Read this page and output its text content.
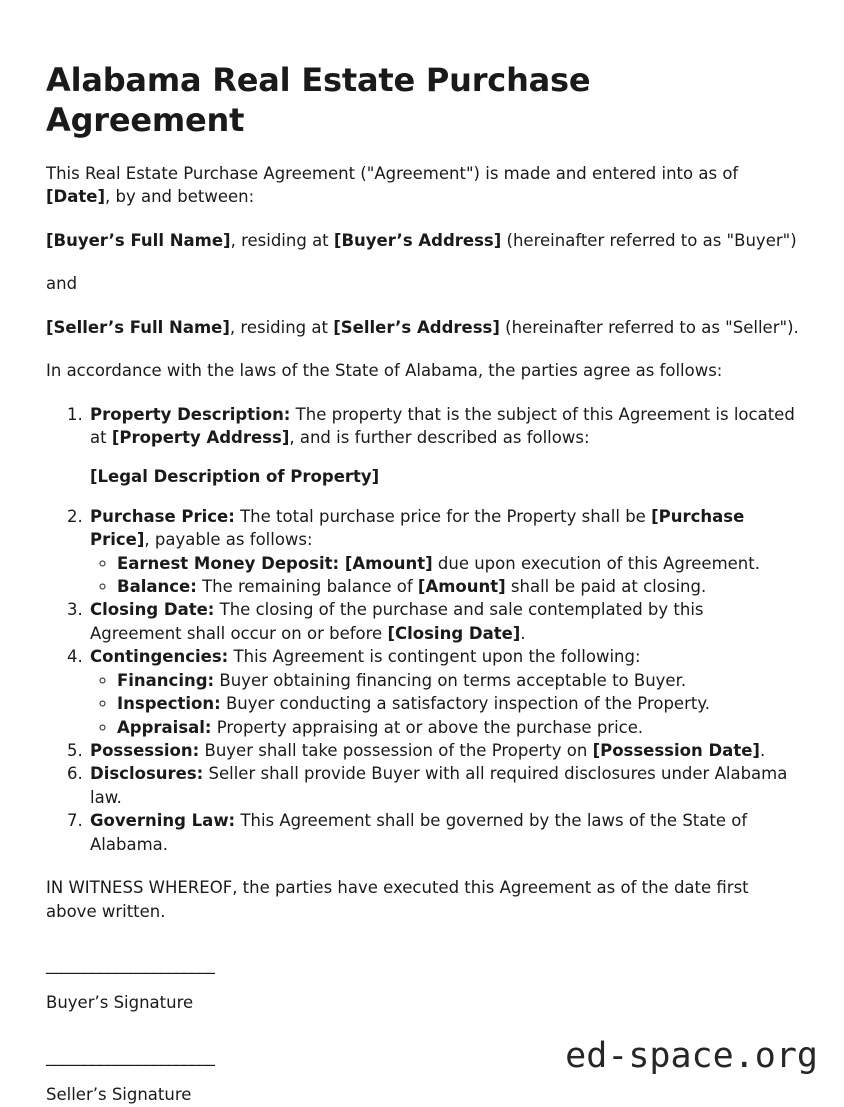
Alabama Real Estate Purchase Agreement

This Real Estate Purchase Agreement ("Agreement") is made and entered into as of [Date], by and between:

[Buyer’s Full Name], residing at [Buyer’s Address] (hereinafter referred to as "Buyer")

and

[Seller’s Full Name], residing at [Seller’s Address] (hereinafter referred to as "Seller").

In accordance with the laws of the State of Alabama, the parties agree as follows:

1. Property Description: The property that is the subject of this Agreement is located at [Property Address], and is further described as follows:

[Legal Description of Property]

2. Purchase Price: The total purchase price for the Property shall be [Purchase Price], payable as follows:
◦ Earnest Money Deposit: [Amount] due upon execution of this Agreement.
◦ Balance: The remaining balance of [Amount] shall be paid at closing.
3. Closing Date: The closing of the purchase and sale contemplated by this Agreement shall occur on or before [Closing Date].
4. Contingencies: This Agreement is contingent upon the following:
◦ Financing: Buyer obtaining financing on terms acceptable to Buyer.
◦ Inspection: Buyer conducting a satisfactory inspection of the Property.
◦ Appraisal: Property appraising at or above the purchase price.
5. Possession: Buyer shall take possession of the Property on [Possession Date].
6. Disclosures: Seller shall provide Buyer with all required disclosures under Alabama law.
7. Governing Law: This Agreement shall be governed by the laws of the State of Alabama.

IN WITNESS WHEREOF, the parties have executed this Agreement as of the date first above written.

______________________
Buyer’s Signature
______________________
Seller’s Signature
ed-space.org
